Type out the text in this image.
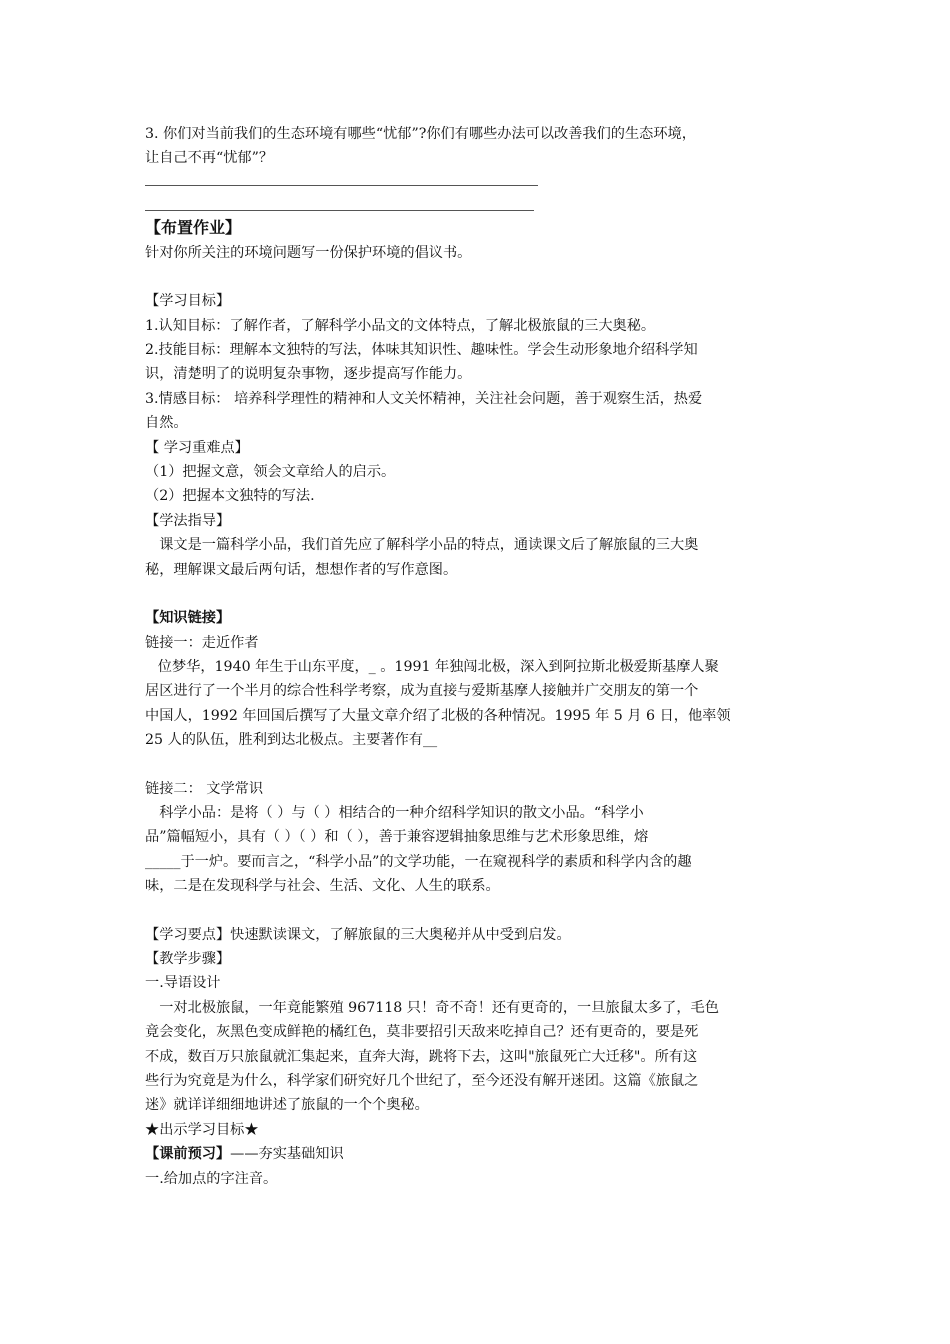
3. 你们对当前我们的生态环境有哪些“忧郁”?你们有哪些办法可以改善我们的生态环境，

让自己不再“忧郁”？

【布置作业】

针对你所关注的环境问题写一份保护环境的倡议书。

【学习目标】

1.认知目标：了解作者，了解科学小品文的文体特点，了解北极旅鼠的三大奥秘。

2.技能目标：理解本文独特的写法，体味其知识性、趣味性。学会生动形象地介绍科学知

识，清楚明了的说明复杂事物，逐步提高写作能力。

3.情感目标： 培养科学理性的精神和人文关怀精神，关注社会问题，善于观察生活，热爱

自然。

【 学习重难点】

（1）把握文意，领会文章给人的启示。

（2）把握本文独特的写法.

【学法指导】

课文是一篇科学小品，我们首先应了解科学小品的特点，通读课文后了解旅鼠的三大奥

秘，理解课文最后两句话，想想作者的写作意图。

【知识链接】

链接一：走近作者

位梦华，1940 年生于山东平度，_ 。1991 年独闯北极，深入到阿拉斯北极爱斯基摩人聚

居区进行了一个半月的综合性科学考察，成为直接与爱斯基摩人接触并广交朋友的第一个

中国人，1992 年回国后撰写了大量文章介绍了北极的各种情况。1995 年 5 月 6 日，他率领

25 人的队伍，胜利到达北极点。主要著作有__

链接二： 文学常识

科学小品：是将（ ）与（ ）相结合的一种介绍科学知识的散文小品。“科学小

品”篇幅短小，具有（ ）（ ）和（ ），善于兼容逻辑抽象思维与艺术形象思维，熔

_____于一炉。要而言之，“科学小品”的文学功能，一在窥视科学的素质和科学内含的趣

味，二是在发现科学与社会、生活、文化、人生的联系。

【学习要点】快速默读课文，了解旅鼠的三大奥秘并从中受到启发。

【教学步骤】

一.导语设计

一对北极旅鼠，一年竟能繁殖 967118 只！奇不奇！还有更奇的，一旦旅鼠太多了，毛色

竟会变化，灰黑色变成鲜艳的橘红色，莫非要招引天敌来吃掉自己？还有更奇的，要是死

不成，数百万只旅鼠就汇集起来，直奔大海，跳将下去，这叫"旅鼠死亡大迁移"。所有这

些行为究竟是为什么，科学家们研究好几个世纪了，至今还没有解开迷团。这篇《旅鼠之

迷》就详详细细地讲述了旅鼠的一个个奥秘。

★出示学习目标★

【课前预习】——夯实基础知识

一.给加点的字注音。
